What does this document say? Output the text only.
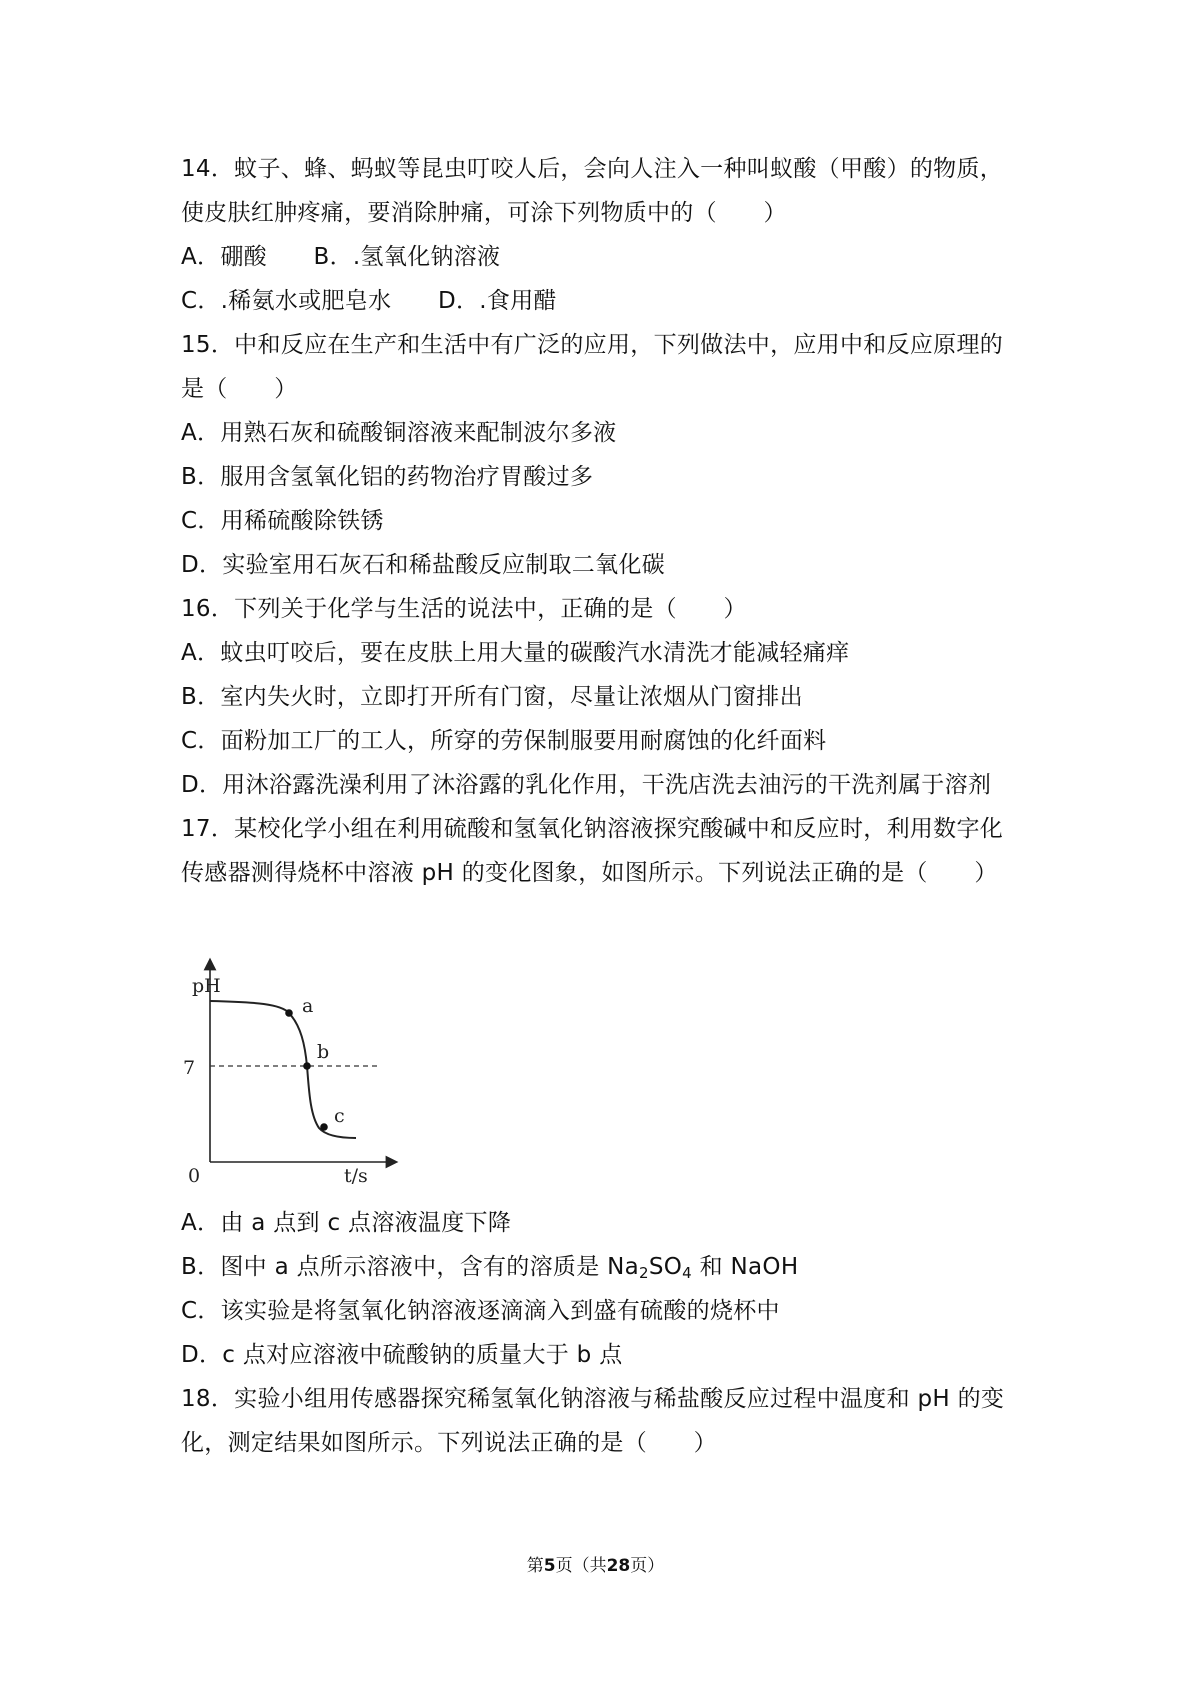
14．蚊子、蜂、蚂蚁等昆虫叮咬人后，会向人注入一种叫蚁酸（甲酸）的物质，
使皮肤红肿疼痛，要消除肿痛，可涂下列物质中的（　　）
A．硼酸　　B．.氢氧化钠溶液
C．.稀氨水或肥皂水　　D．.食用醋
15．中和反应在生产和生活中有广泛的应用，下列做法中，应用中和反应原理的
是（　　）
A．用熟石灰和硫酸铜溶液来配制波尔多液
B．服用含氢氧化铝的药物治疗胃酸过多
C．用稀硫酸除铁锈
D．实验室用石灰石和稀盐酸反应制取二氧化碳
16．下列关于化学与生活的说法中，正确的是（　　）
A．蚊虫叮咬后，要在皮肤上用大量的碳酸汽水清洗才能减轻痛痒
B．室内失火时，立即打开所有门窗，尽量让浓烟从门窗排出
C．面粉加工厂的工人，所穿的劳保制服要用耐腐蚀的化纤面料
D．用沐浴露洗澡利用了沐浴露的乳化作用，干洗店洗去油污的干洗剂属于溶剂
17．某校化学小组在利用硫酸和氢氧化钠溶液探究酸碱中和反应时，利用数字化
传感器测得烧杯中溶液 pH 的变化图象，如图所示。下列说法正确的是（　　）
pH
t/s
0
7
a
b
c
A．由 a 点到 c 点溶液温度下降
B．图中 a 点所示溶液中，含有的溶质是 $Na_2SO_4$ 和 NaOH
C．该实验是将氢氧化钠溶液逐滴滴入到盛有硫酸的烧杯中
D．c 点对应溶液中硫酸钠的质量大于 b 点
18．实验小组用传感器探究稀氢氧化钠溶液与稀盐酸反应过程中温度和 pH 的变
化，测定结果如图所示。下列说法正确的是（　　）
第5页（共28页）
